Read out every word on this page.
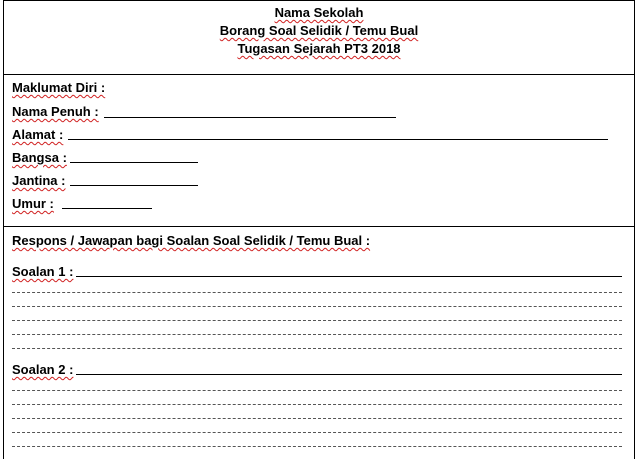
Nama Sekolah
Borang Soal Selidik / Temu Bual
Tugasan Sejarah PT3 2018
Maklumat Diri :
Nama Penuh :
Alamat :
Bangsa :
Jantina :
Umur :
Respons / Jawapan bagi Soalan Soal Selidik / Temu Bual :
Soalan 1 :
Soalan 2 :
